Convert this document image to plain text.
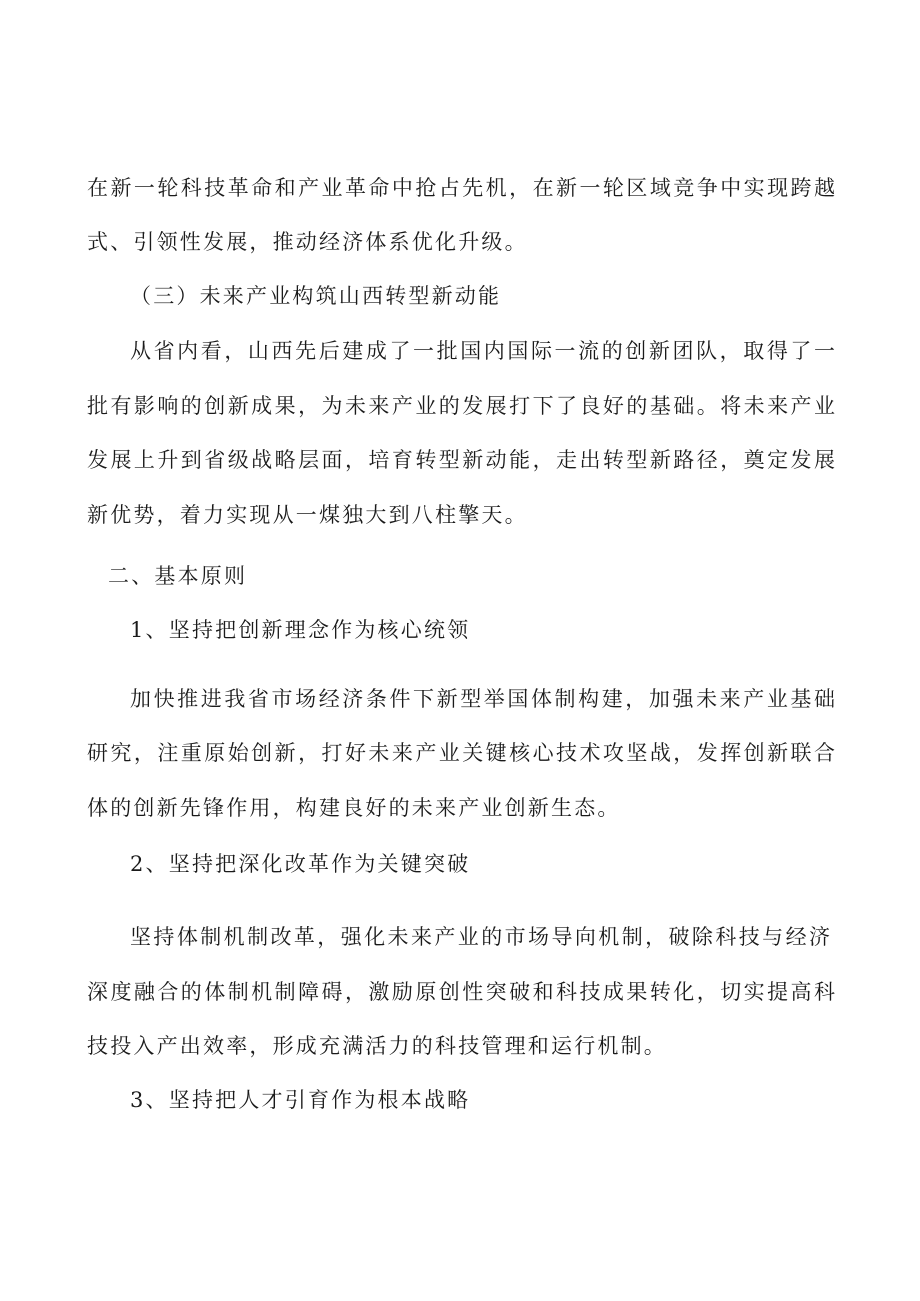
在新一轮科技革命和产业革命中抢占先机，在新一轮区域竞争中实现跨越
式、引领性发展，推动经济体系优化升级。
（三）未来产业构筑山西转型新动能
从省内看，山西先后建成了一批国内国际一流的创新团队，取得了一
批有影响的创新成果，为未来产业的发展打下了良好的基础。将未来产业
发展上升到省级战略层面，培育转型新动能，走出转型新路径，奠定发展
新优势，着力实现从一煤独大到八柱擎天。
二、基本原则
1、坚持把创新理念作为核心统领
加快推进我省市场经济条件下新型举国体制构建，加强未来产业基础
研究，注重原始创新，打好未来产业关键核心技术攻坚战，发挥创新联合
体的创新先锋作用，构建良好的未来产业创新生态。
2、坚持把深化改革作为关键突破
坚持体制机制改革，强化未来产业的市场导向机制，破除科技与经济
深度融合的体制机制障碍，激励原创性突破和科技成果转化，切实提高科
技投入产出效率，形成充满活力的科技管理和运行机制。
3、坚持把人才引育作为根本战略
